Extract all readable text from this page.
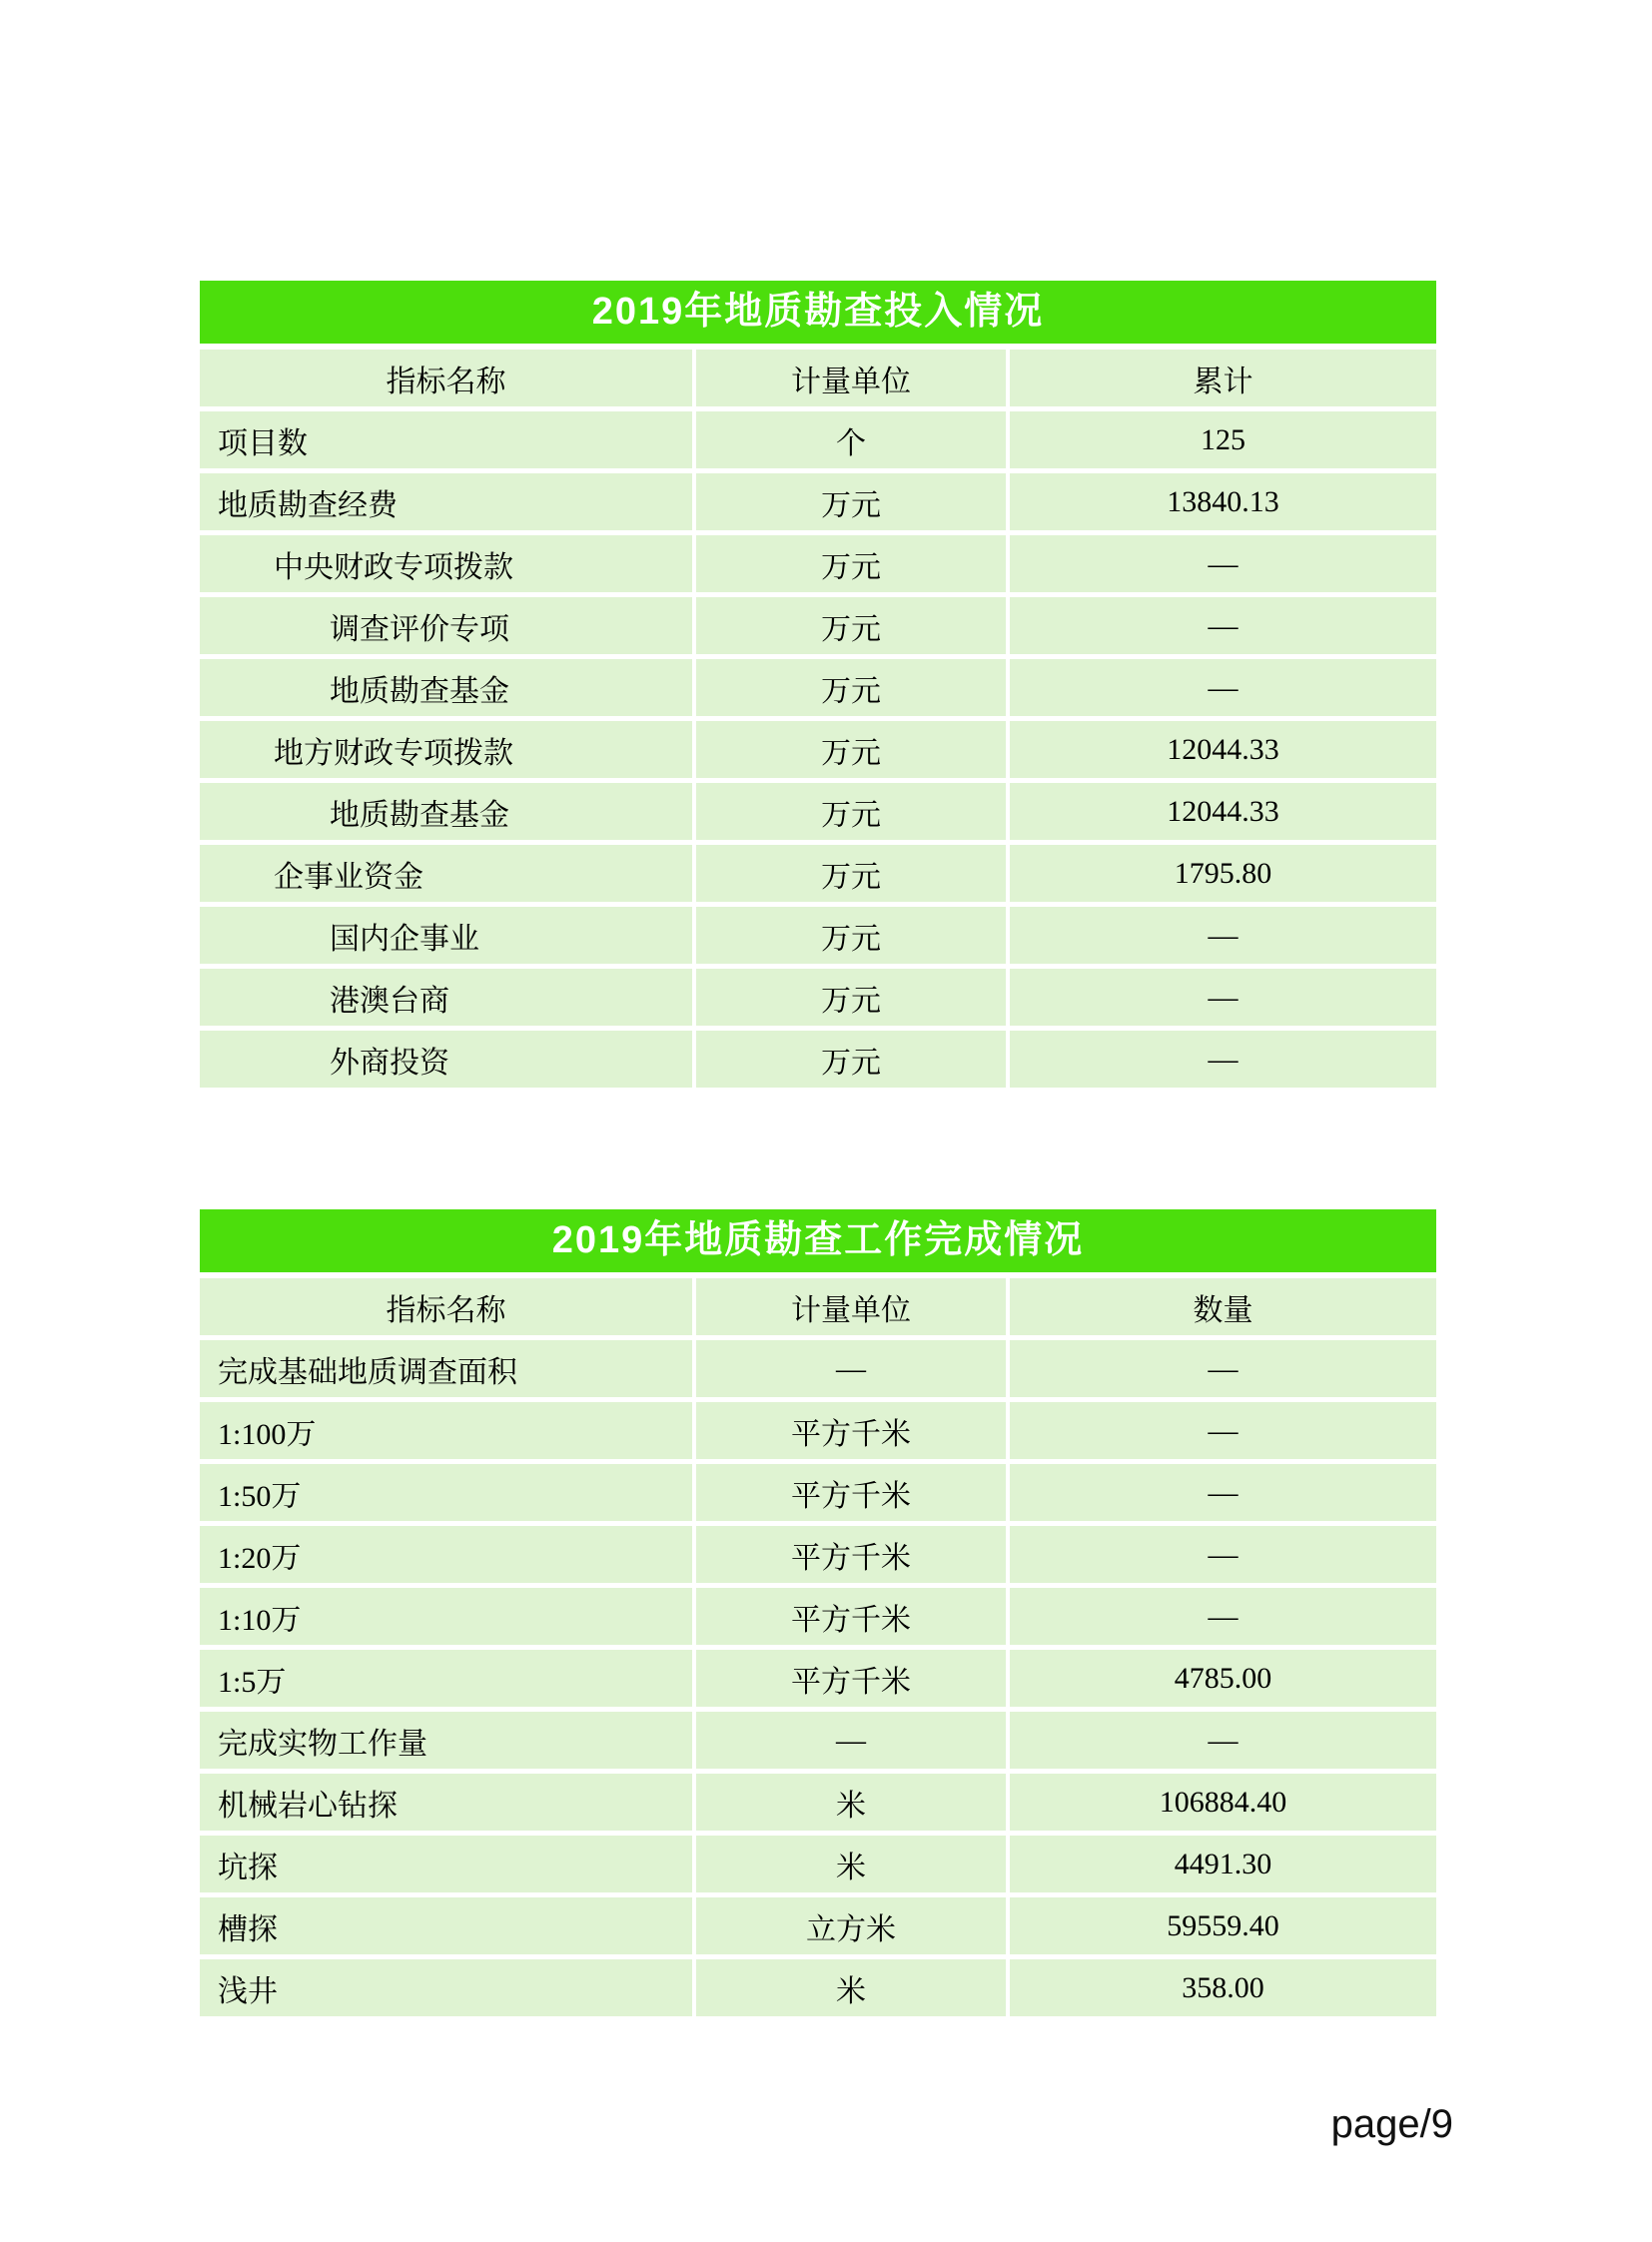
2019年地质勘查投入情况
指标名称	计量单位	累计
项目数	个	125
地质勘查经费	万元	13840.13
中央财政专项拨款	万元	—
调查评价专项	万元	—
地质勘查基金	万元	—
地方财政专项拨款	万元	12044.33
地质勘查基金	万元	12044.33
企事业资金	万元	1795.80
国内企事业	万元	—
港澳台商	万元	—
外商投资	万元	—
2019年地质勘查工作完成情况
指标名称	计量单位	数量
完成基础地质调查面积	—	—
1:100万	平方千米	—
1:50万	平方千米	—
1:20万	平方千米	—
1:10万	平方千米	—
1:5万	平方千米	4785.00
完成实物工作量	—	—
机械岩心钻探	米	106884.40
坑探	米	4491.30
槽探	立方米	59559.40
浅井	米	358.00
page/9
